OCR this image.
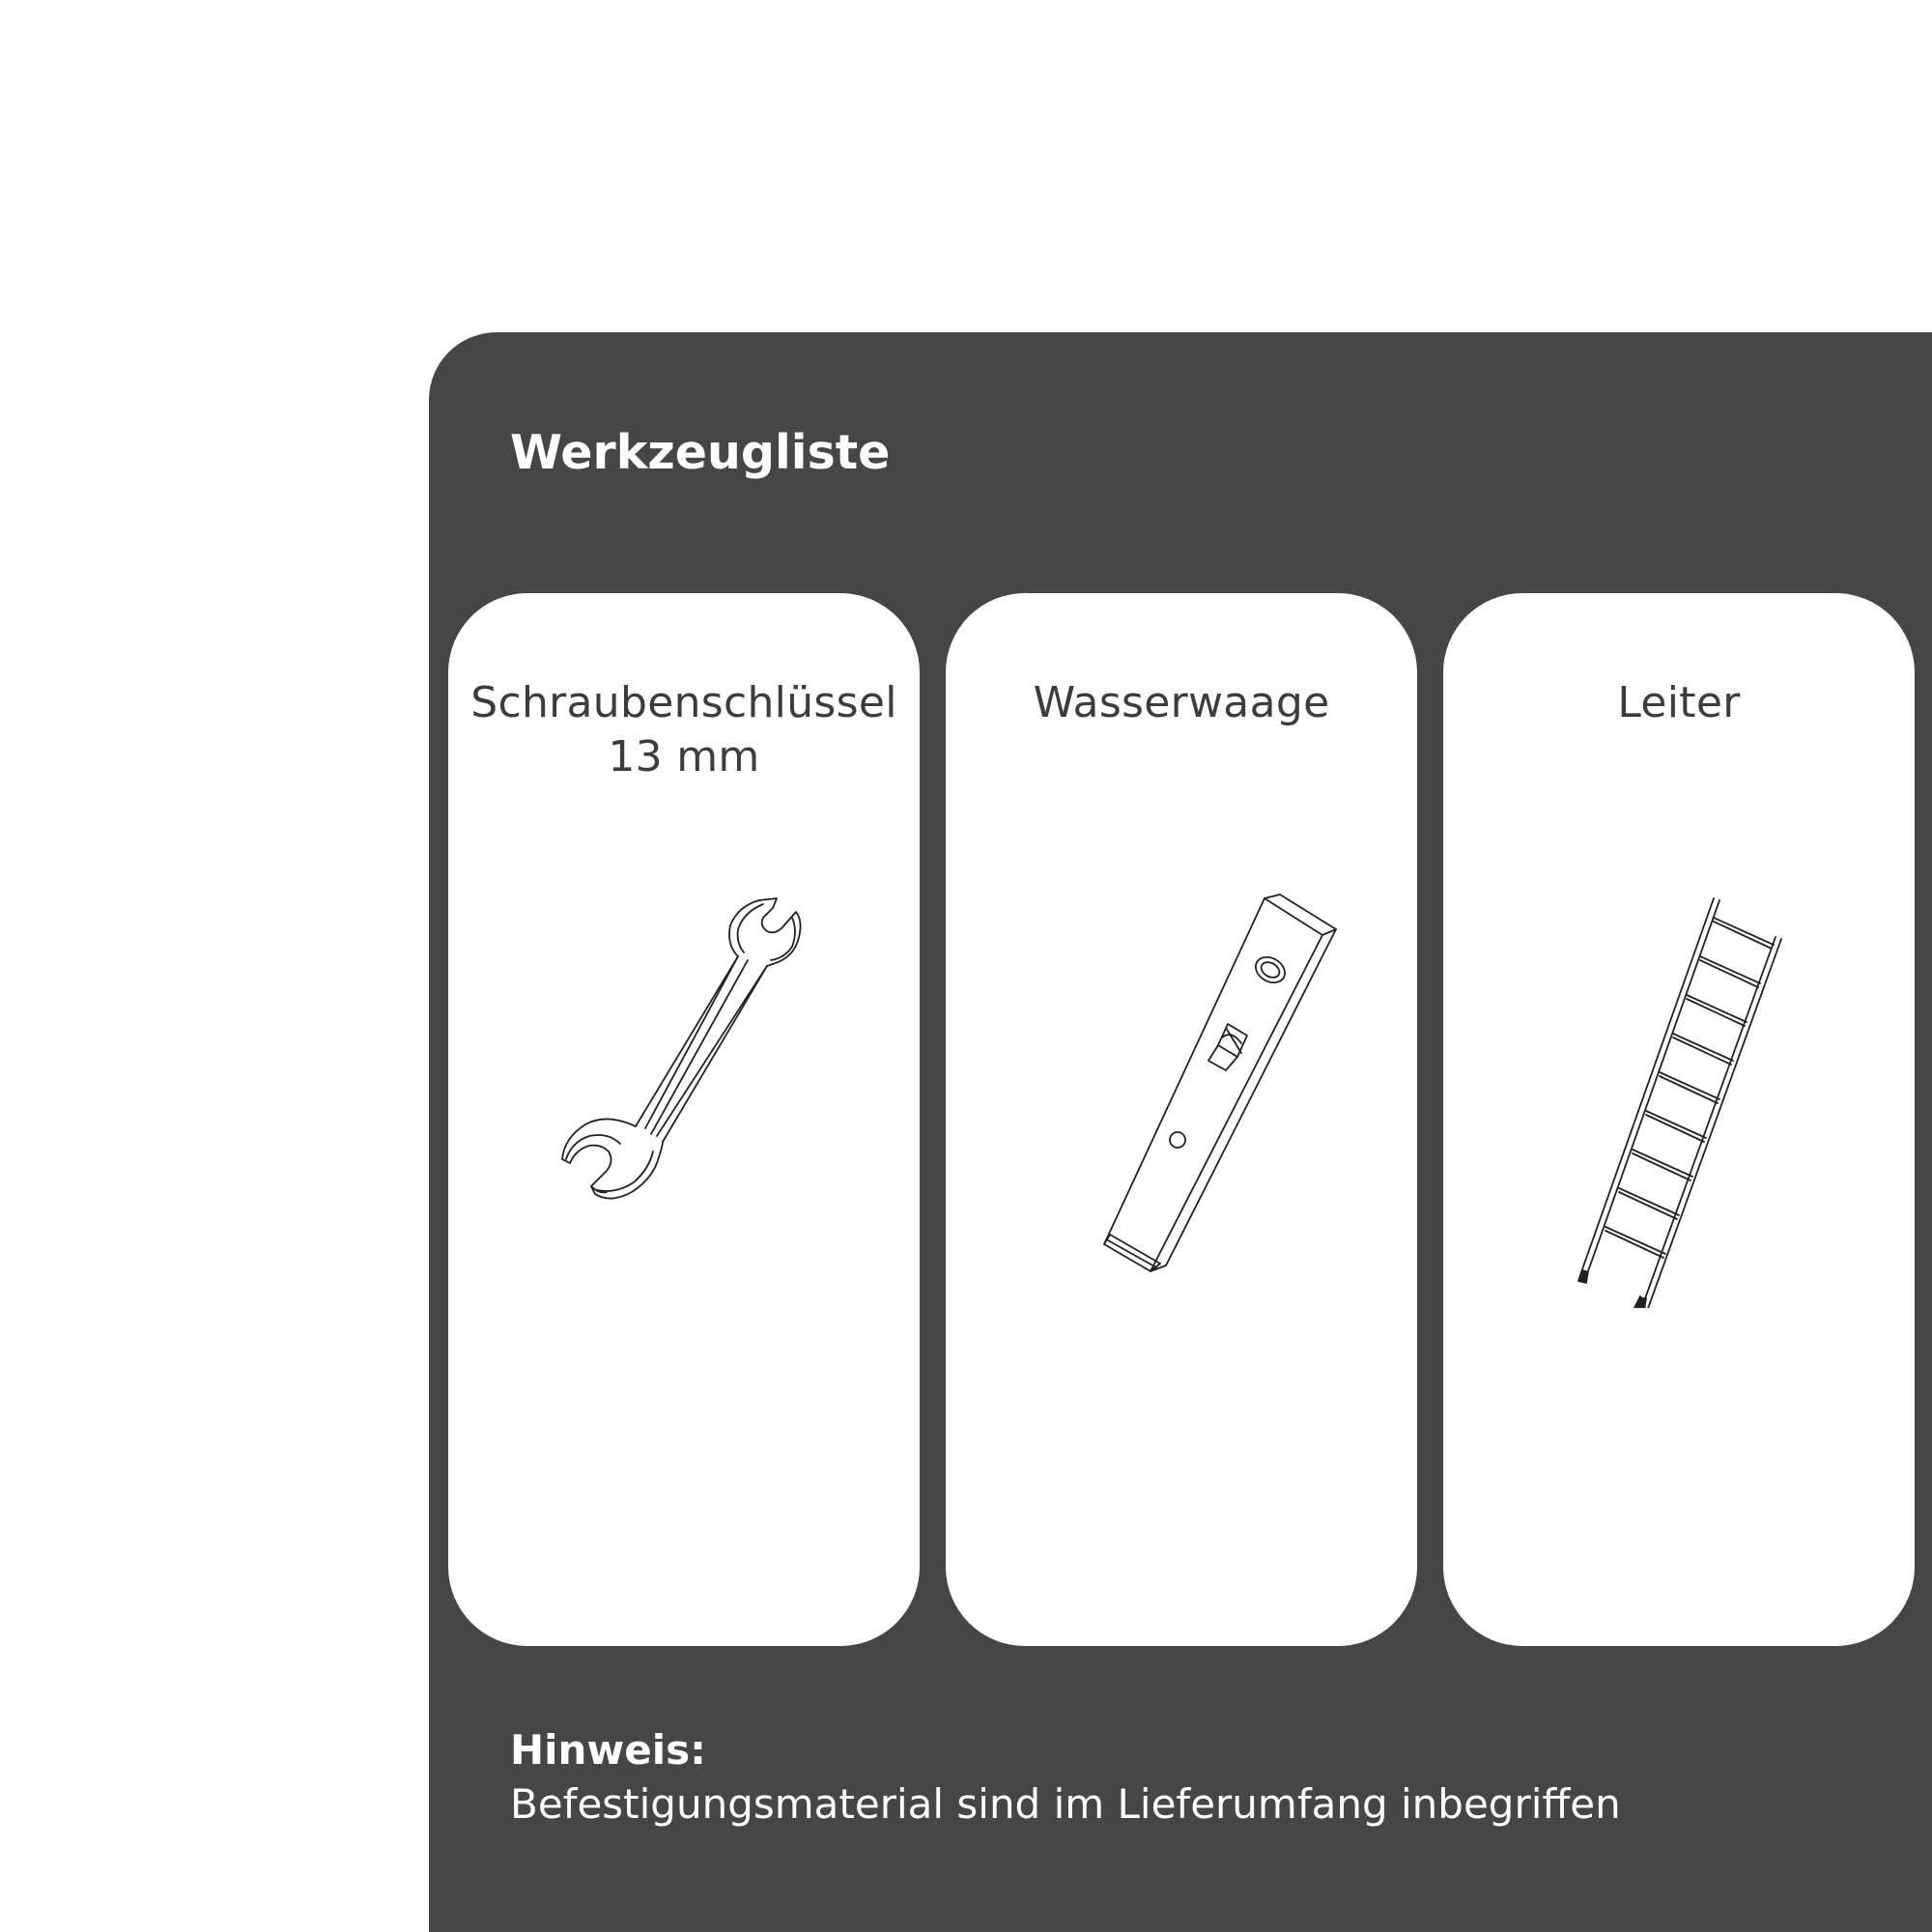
Werkzeugliste
Schraubenschlüssel
13 mm
Wasserwaage	Leiter
Hinweis:
Befestigungsmaterial sind im Lieferumfang inbegriffen
